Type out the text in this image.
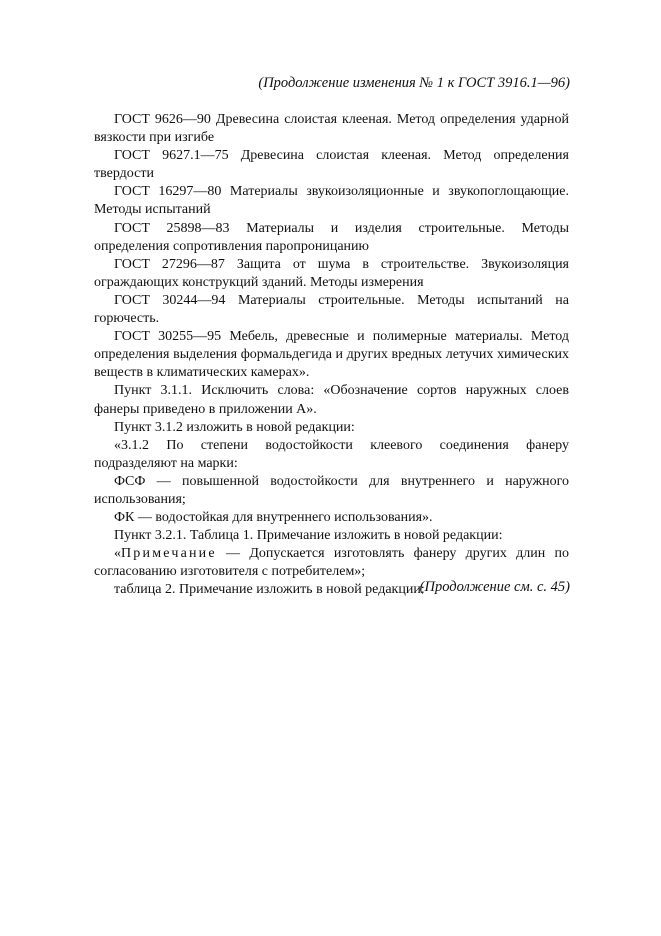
(Продолжение изменения № 1 к ГОСТ 3916.1—96)

ГОСТ 9626—90 Древесина слоистая клееная. Метод определения ударной вязкости при изгибе

ГОСТ 9627.1—75 Древесина слоистая клееная. Метод определения твердости

ГОСТ 16297—80 Материалы звукоизоляционные и звукопоглощающие. Методы испытаний

ГОСТ 25898—83 Материалы и изделия строительные. Методы определения сопротивления паропроницанию

ГОСТ 27296—87 Защита от шума в строительстве. Звукоизоляция ограждающих конструкций зданий. Методы измерения

ГОСТ 30244—94 Материалы строительные. Методы испытаний на горючесть.

ГОСТ 30255—95 Мебель, древесные и полимерные материалы. Метод определения выделения формальдегида и других вредных летучих химических веществ в климатических камерах».

Пункт 3.1.1. Исключить слова: «Обозначение сортов наружных слоев фанеры приведено в приложении А».

Пункт 3.1.2 изложить в новой редакции:

«3.1.2 По степени водостойкости клеевого соединения фанеру подразделяют на марки:

ФСФ — повышенной водостойкости для внутреннего и наружного использования;

ФК — водостойкая для внутреннего использования».

Пункт 3.2.1. Таблица 1. Примечание изложить в новой редакции:

«Примечание — Допускается изготовлять фанеру других длин по согласованию изготовителя с потребителем»;

таблица 2. Примечание изложить в новой редакции:

(Продолжение см. с. 45)
